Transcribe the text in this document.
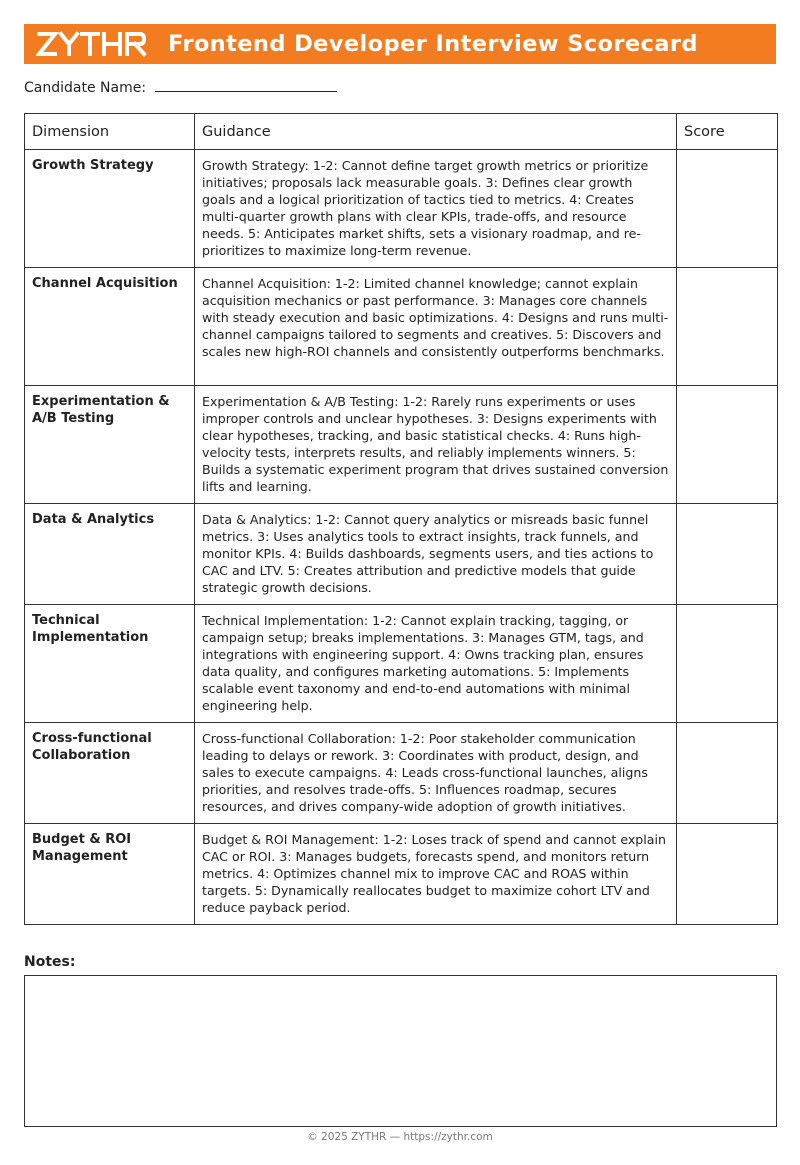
Frontend Developer Interview Scorecard
Candidate Name:
Dimension	Guidance	Score
Growth Strategy	Growth Strategy: 1-2: Cannot define target growth metrics or prioritize initiatives; proposals lack measurable goals. 3: Defines clear growth goals and a logical prioritization of tactics tied to metrics. 4: Creates multi-quarter growth plans with clear KPIs, trade-offs, and resource needs. 5: Anticipates market shifts, sets a visionary roadmap, and re-prioritizes to maximize long-term revenue.	
Channel Acquisition	Channel Acquisition: 1-2: Limited channel knowledge; cannot explain acquisition mechanics or past performance. 3: Manages core channels with steady execution and basic optimizations. 4: Designs and runs multi-channel campaigns tailored to segments and creatives. 5: Discovers and scales new high-ROI channels and consistently outperforms benchmarks.	
Experimentation & A/B Testing	Experimentation & A/B Testing: 1-2: Rarely runs experiments or uses improper controls and unclear hypotheses. 3: Designs experiments with clear hypotheses, tracking, and basic statistical checks. 4: Runs high-velocity tests, interprets results, and reliably implements winners. 5: Builds a systematic experiment program that drives sustained conversion lifts and learning.	
Data & Analytics	Data & Analytics: 1-2: Cannot query analytics or misreads basic funnel metrics. 3: Uses analytics tools to extract insights, track funnels, and monitor KPIs. 4: Builds dashboards, segments users, and ties actions to CAC and LTV. 5: Creates attribution and predictive models that guide strategic growth decisions.	
Technical Implementation	Technical Implementation: 1-2: Cannot explain tracking, tagging, or campaign setup; breaks implementations. 3: Manages GTM, tags, and integrations with engineering support. 4: Owns tracking plan, ensures data quality, and configures marketing automations. 5: Implements scalable event taxonomy and end-to-end automations with minimal engineering help.	
Cross-functional Collaboration	Cross-functional Collaboration: 1-2: Poor stakeholder communication leading to delays or rework. 3: Coordinates with product, design, and sales to execute campaigns. 4: Leads cross-functional launches, aligns priorities, and resolves trade-offs. 5: Influences roadmap, secures resources, and drives company-wide adoption of growth initiatives.	
Budget & ROI Management	Budget & ROI Management: 1-2: Loses track of spend and cannot explain CAC or ROI. 3: Manages budgets, forecasts spend, and monitors return metrics. 4: Optimizes channel mix to improve CAC and ROAS within targets. 5: Dynamically reallocates budget to maximize cohort LTV and reduce payback period.	
Notes:
© 2025 ZYTHR — https://zythr.com
